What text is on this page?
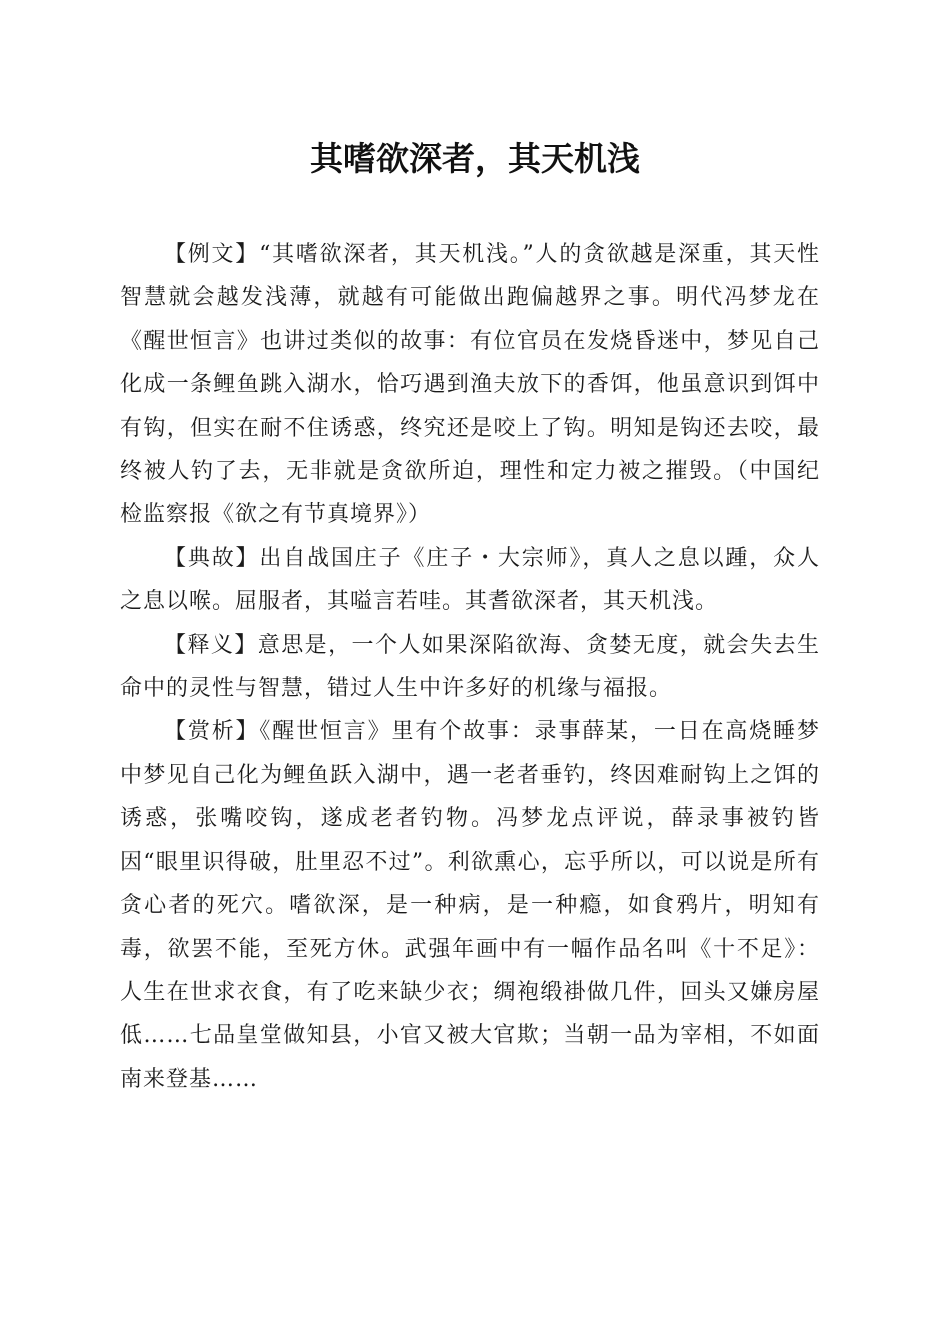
其嗜欲深者，其天机浅

【例文】“其嗜欲深者，其天机浅。”人的贪欲越是深重，其天性智慧就会越发浅薄，就越有可能做出跑偏越界之事。明代冯梦龙在《醒世恒言》也讲过类似的故事：有位官员在发烧昏迷中，梦见自己化成一条鲤鱼跳入湖水，恰巧遇到渔夫放下的香饵，他虽意识到饵中有钩，但实在耐不住诱惑，终究还是咬上了钩。明知是钩还去咬，最终被人钓了去，无非就是贪欲所迫，理性和定力被之摧毁。（中国纪检监察报《欲之有节真境界》）

【典故】出自战国庄子《庄子・大宗师》，真人之息以踵，众人之息以喉。屈服者，其嗌言若哇。其耆欲深者，其天机浅。

【释义】意思是，一个人如果深陷欲海、贪婪无度，就会失去生命中的灵性与智慧，错过人生中许多好的机缘与福报。

【赏析】《醒世恒言》里有个故事：录事薛某，一日在高烧睡梦中梦见自己化为鲤鱼跃入湖中，遇一老者垂钓，终因难耐钩上之饵的诱惑，张嘴咬钩，遂成老者钓物。冯梦龙点评说，薛录事被钓皆因“眼里识得破，肚里忍不过”。利欲熏心，忘乎所以，可以说是所有贪心者的死穴。嗜欲深，是一种病，是一种瘾，如食鸦片，明知有毒，欲罢不能，至死方休。武强年画中有一幅作品名叫《十不足》：人生在世求衣食，有了吃来缺少衣；绸袍缎褂做几件，回头又嫌房屋低……七品皇堂做知县，小官又被大官欺；当朝一品为宰相，不如面南来登基……
